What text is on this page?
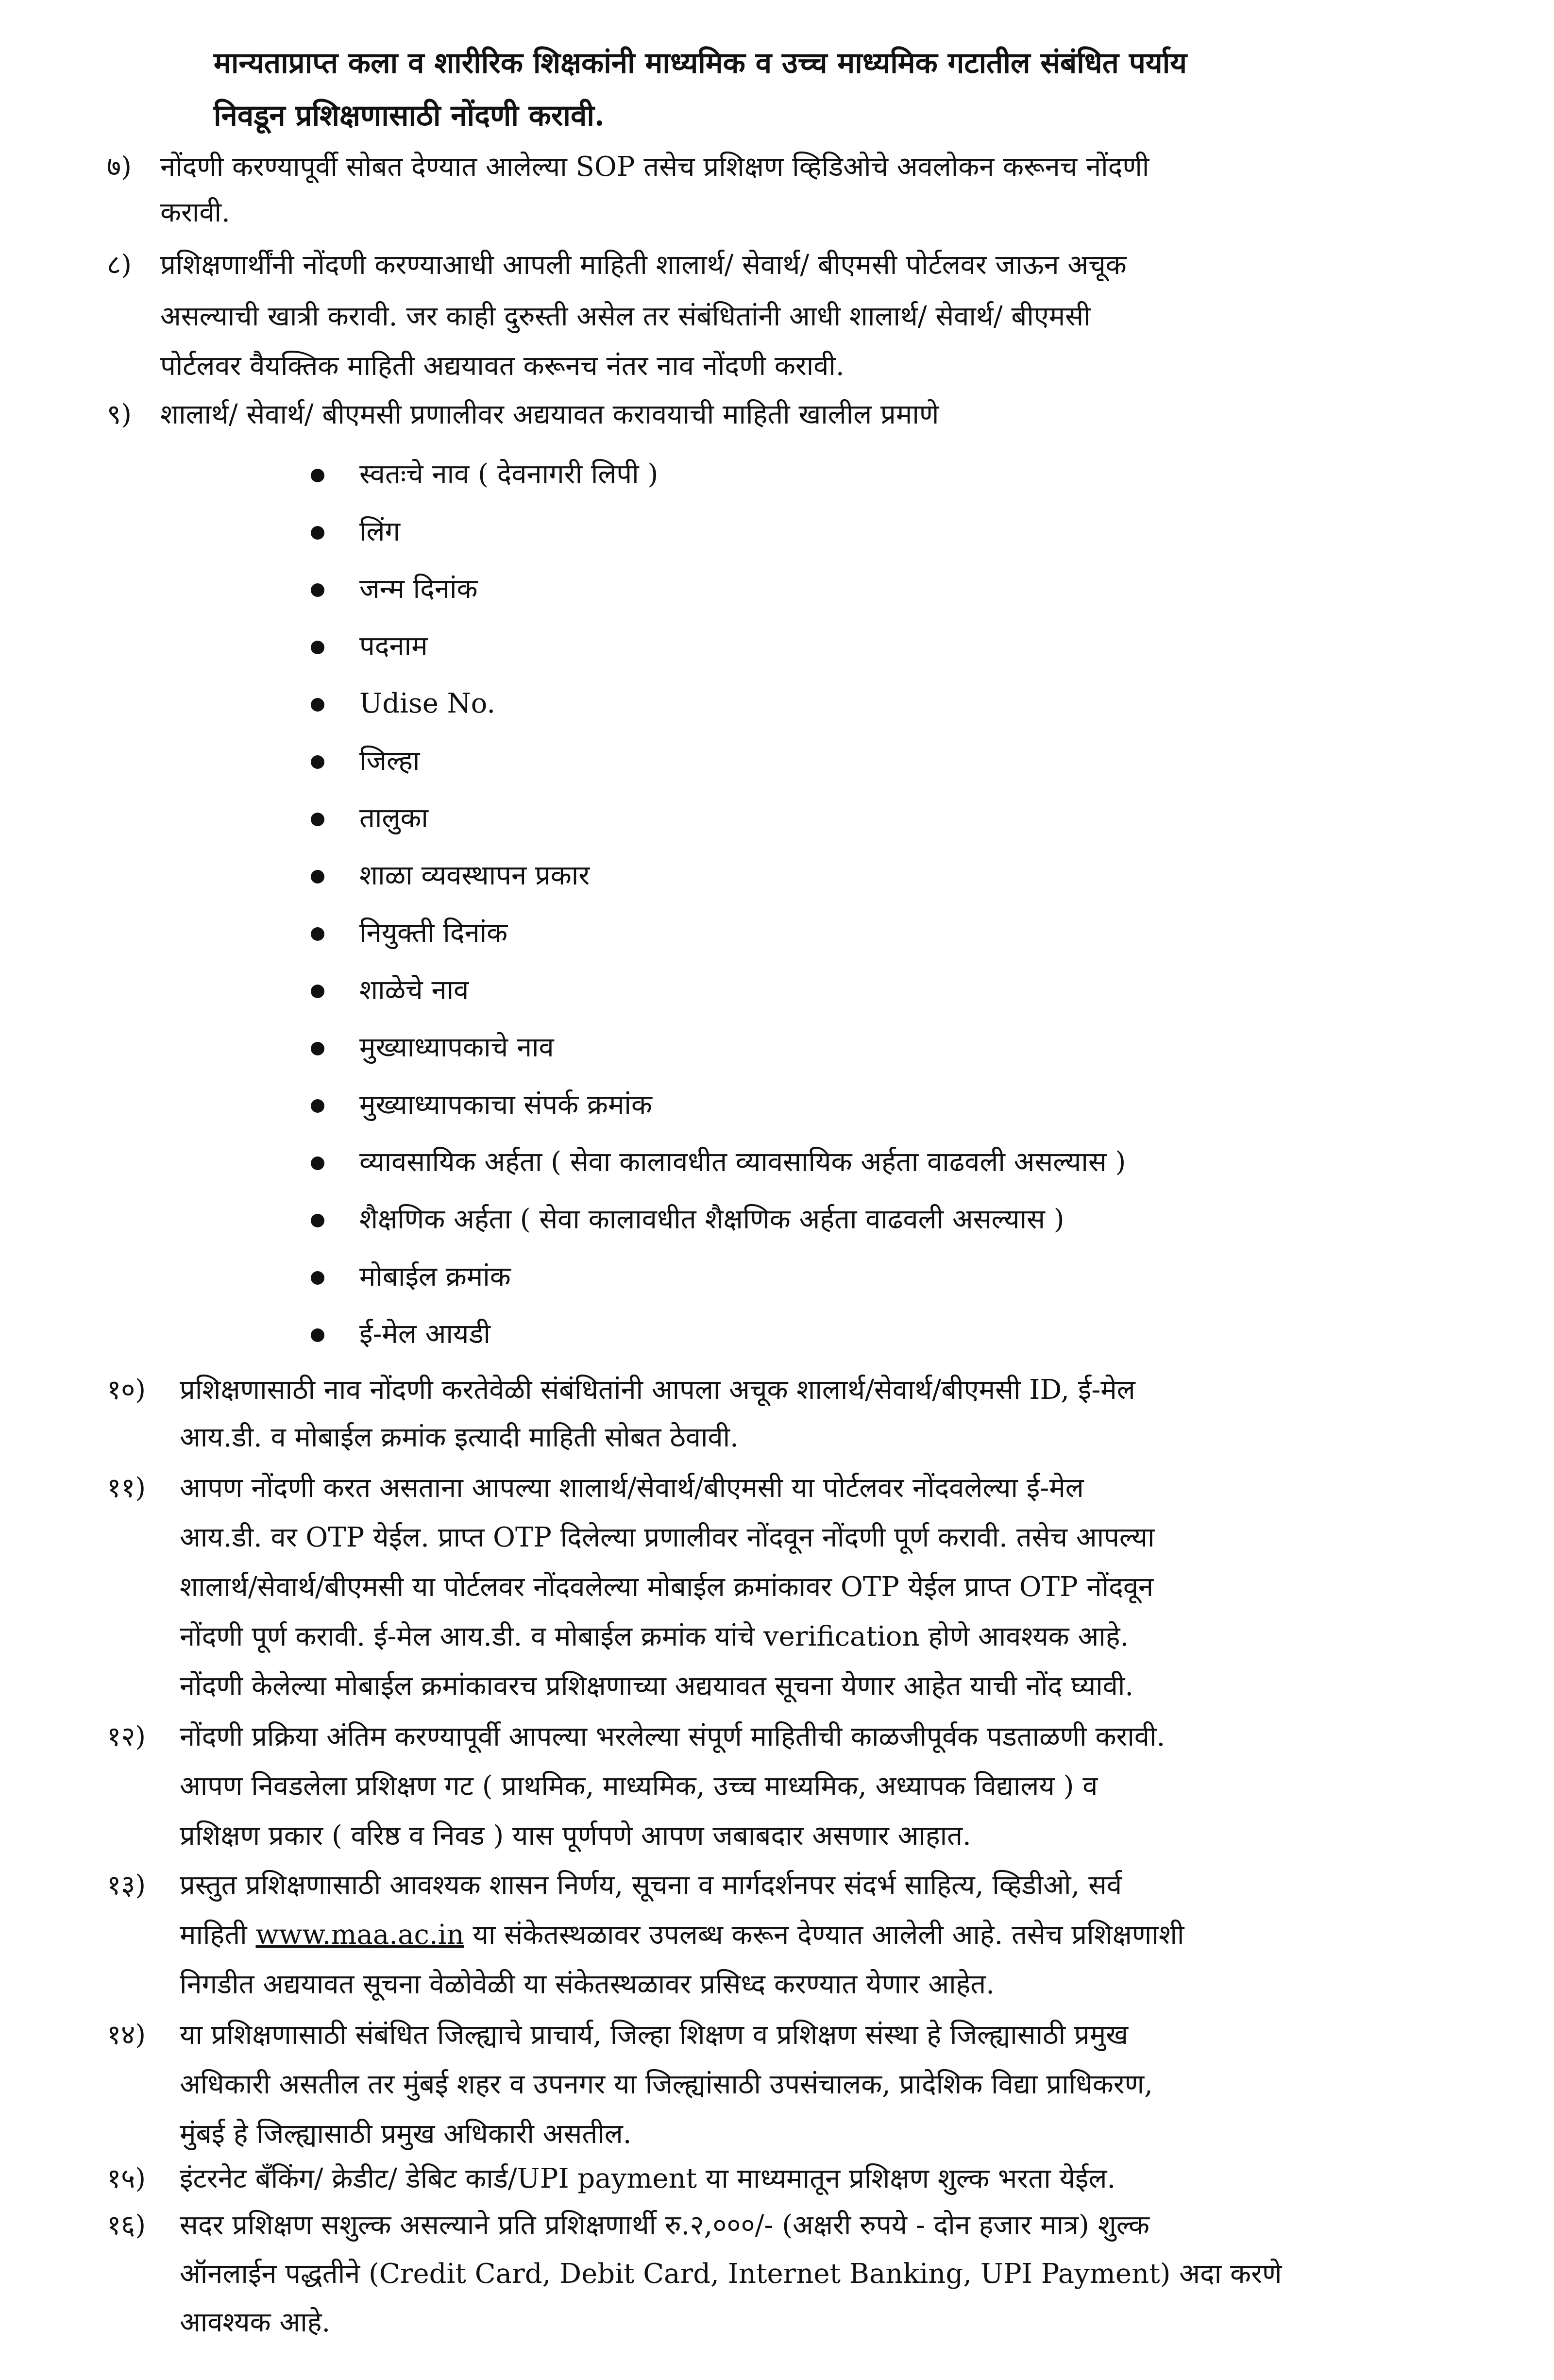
मान्यताप्राप्त कला व शारीरिक शिक्षकांनी माध्यमिक व उच्च माध्यमिक गटातील संबंधित पर्याय

निवडून प्रशिक्षणासाठी नोंदणी करावी.

७) नोंदणी करण्यापूर्वी सोबत देण्यात आलेल्या SOP तसेच प्रशिक्षण व्हिडिओचे अवलोकन करूनच नोंदणी

करावी.

८) प्रशिक्षणार्थींनी नोंदणी करण्याआधी आपली माहिती शालार्थ/ सेवार्थ/ बीएमसी पोर्टलवर जाऊन अचूक

असल्याची खात्री करावी. जर काही दुरुस्ती असेल तर संबंधितांनी आधी शालार्थ/ सेवार्थ/ बीएमसी

पोर्टलवर वैयक्तिक माहिती अद्ययावत करूनच नंतर नाव नोंदणी करावी.

९) शालार्थ/ सेवार्थ/ बीएमसी प्रणालीवर अद्ययावत करावयाची माहिती खालील प्रमाणे

स्वतःचे नाव ( देवनागरी लिपी )
लिंग
जन्म दिनांक
पदनाम
Udise No.
जिल्हा
तालुका
शाळा व्यवस्थापन प्रकार
नियुक्ती दिनांक
शाळेचे नाव
मुख्याध्यापकाचे नाव
मुख्याध्यापकाचा संपर्क क्रमांक
व्यावसायिक अर्हता ( सेवा कालावधीत व्यावसायिक अर्हता वाढवली असल्यास )
शैक्षणिक अर्हता ( सेवा कालावधीत शैक्षणिक अर्हता वाढवली असल्यास )
मोबाईल क्रमांक
ई-मेल आयडी

१०) प्रशिक्षणासाठी नाव नोंदणी करतेवेळी संबंधितांनी आपला अचूक शालार्थ/सेवार्थ/बीएमसी ID, ई-मेल

आय.डी. व मोबाईल क्रमांक इत्यादी माहिती सोबत ठेवावी.

११) आपण नोंदणी करत असताना आपल्या शालार्थ/सेवार्थ/बीएमसी या पोर्टलवर नोंदवलेल्या ई-मेल

आय.डी. वर OTP येईल. प्राप्त OTP दिलेल्या प्रणालीवर नोंदवून नोंदणी पूर्ण करावी. तसेच आपल्या

शालार्थ/सेवार्थ/बीएमसी या पोर्टलवर नोंदवलेल्या मोबाईल क्रमांकावर OTP येईल प्राप्त OTP नोंदवून

नोंदणी पूर्ण करावी. ई-मेल आय.डी. व मोबाईल क्रमांक यांचे verification होणे आवश्यक आहे.

नोंदणी केलेल्या मोबाईल क्रमांकावरच प्रशिक्षणाच्या अद्ययावत सूचना येणार आहेत याची नोंद घ्यावी.

१२) नोंदणी प्रक्रिया अंतिम करण्यापूर्वी आपल्या भरलेल्या संपूर्ण माहितीची काळजीपूर्वक पडताळणी करावी.

आपण निवडलेला प्रशिक्षण गट ( प्राथमिक, माध्यमिक, उच्च माध्यमिक, अध्यापक विद्यालय ) व

प्रशिक्षण प्रकार ( वरिष्ठ व निवड ) यास पूर्णपणे आपण जबाबदार असणार आहात.

१३) प्रस्तुत प्रशिक्षणासाठी आवश्यक शासन निर्णय, सूचना व मार्गदर्शनपर संदर्भ साहित्य, व्हिडीओ, सर्व

माहिती www.maa.ac.in या संकेतस्थळावर उपलब्ध करून देण्यात आलेली आहे. तसेच प्रशिक्षणाशी

निगडीत अद्ययावत सूचना वेळोवेळी या संकेतस्थळावर प्रसिध्द करण्यात येणार आहेत.

१४) या प्रशिक्षणासाठी संबंधित जिल्ह्याचे प्राचार्य, जिल्हा शिक्षण व प्रशिक्षण संस्था हे जिल्ह्यासाठी प्रमुख

अधिकारी असतील तर मुंबई शहर व उपनगर या जिल्ह्यांसाठी उपसंचालक, प्रादेशिक विद्या प्राधिकरण,

मुंबई हे जिल्ह्यासाठी प्रमुख अधिकारी असतील.

१५) इंटरनेट बँकिंग/ क्रेडीट/ डेबिट कार्ड/UPI payment या माध्यमातून प्रशिक्षण शुल्क भरता येईल.

१६) सदर प्रशिक्षण सशुल्क असल्याने प्रति प्रशिक्षणार्थी रु.२,०००/- (अक्षरी रुपये - दोन हजार मात्र) शुल्क

ऑनलाईन पद्धतीने (Credit Card, Debit Card, Internet Banking, UPI Payment) अदा करणे

आवश्यक आहे.
